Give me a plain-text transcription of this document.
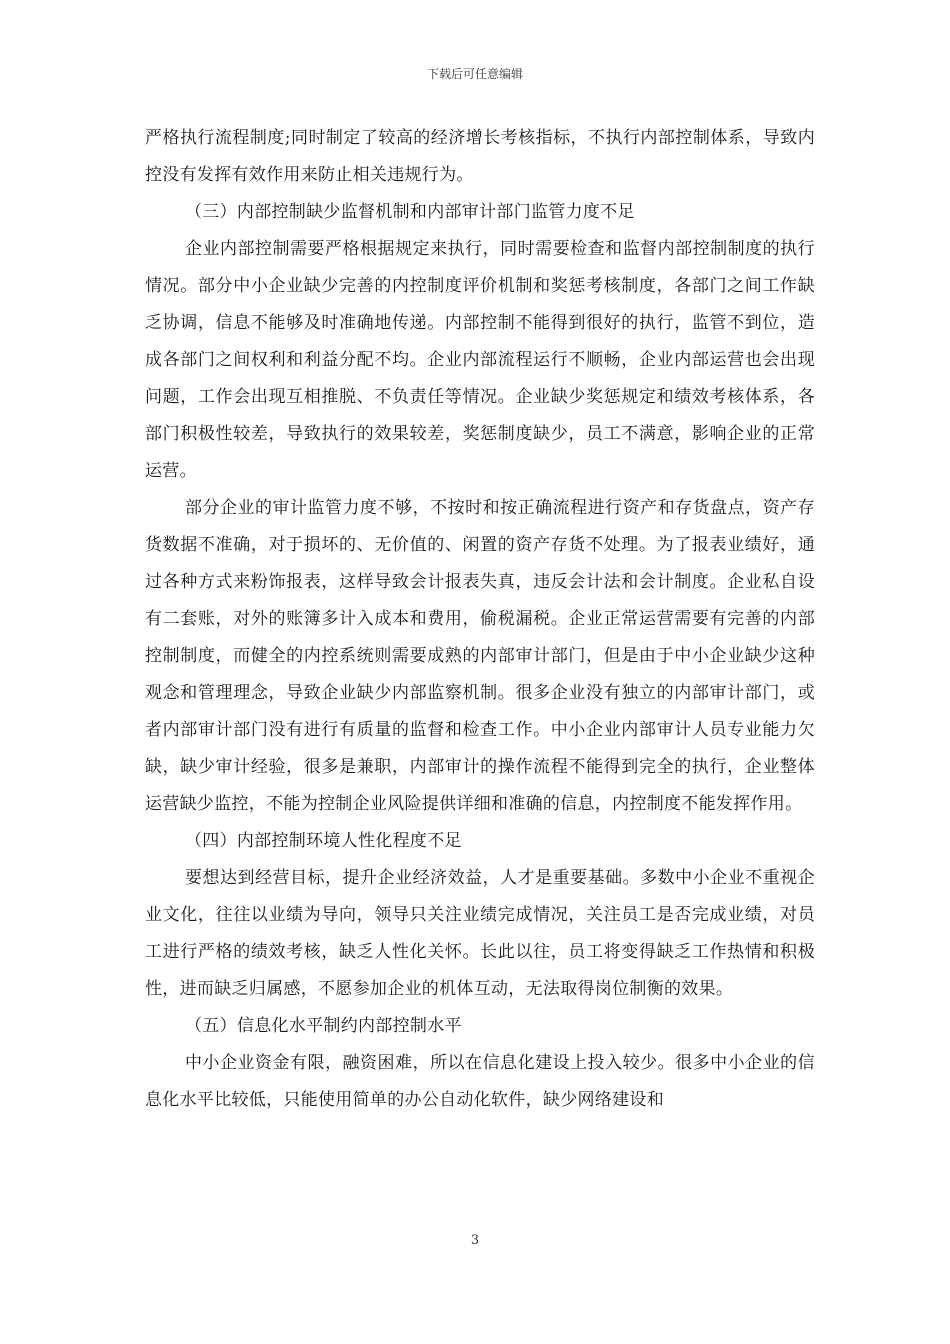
下载后可任意编辑

严格执行流程制度;同时制定了较高的经济增长考核指标，不执行内部控制体系，导致内控没有发挥有效作用来防止相关违规行为。

（三）内部控制缺少监督机制和内部审计部门监管力度不足

企业内部控制需要严格根据规定来执行，同时需要检查和监督内部控制制度的执行情况。部分中小企业缺少完善的内控制度评价机制和奖惩考核制度，各部门之间工作缺乏协调，信息不能够及时准确地传递。内部控制不能得到很好的执行，监管不到位，造成各部门之间权利和利益分配不均。企业内部流程运行不顺畅，企业内部运营也会出现问题，工作会出现互相推脱、不负责任等情况。企业缺少奖惩规定和绩效考核体系，各部门积极性较差，导致执行的效果较差，奖惩制度缺少，员工不满意，影响企业的正常运营。

部分企业的审计监管力度不够，不按时和按正确流程进行资产和存货盘点，资产存货数据不准确，对于损坏的、无价值的、闲置的资产存货不处理。为了报表业绩好，通过各种方式来粉饰报表，这样导致会计报表失真，违反会计法和会计制度。企业私自设有二套账，对外的账簿多计入成本和费用，偷税漏税。企业正常运营需要有完善的内部控制制度，而健全的内控系统则需要成熟的内部审计部门，但是由于中小企业缺少这种观念和管理理念，导致企业缺少内部监察机制。很多企业没有独立的内部审计部门，或者内部审计部门没有进行有质量的监督和检查工作。中小企业内部审计人员专业能力欠缺，缺少审计经验，很多是兼职，内部审计的操作流程不能得到完全的执行，企业整体运营缺少监控，不能为控制企业风险提供详细和准确的信息，内控制度不能发挥作用。

（四）内部控制环境人性化程度不足

要想达到经营目标，提升企业经济效益，人才是重要基础。多数中小企业不重视企业文化，往往以业绩为导向，领导只关注业绩完成情况，关注员工是否完成业绩，对员工进行严格的绩效考核，缺乏人性化关怀。长此以往，员工将变得缺乏工作热情和积极性，进而缺乏归属感，不愿参加企业的机体互动，无法取得岗位制衡的效果。

（五）信息化水平制约内部控制水平

中小企业资金有限，融资困难，所以在信息化建设上投入较少。很多中小企业的信息化水平比较低，只能使用简单的办公自动化软件，缺少网络建设和

3
